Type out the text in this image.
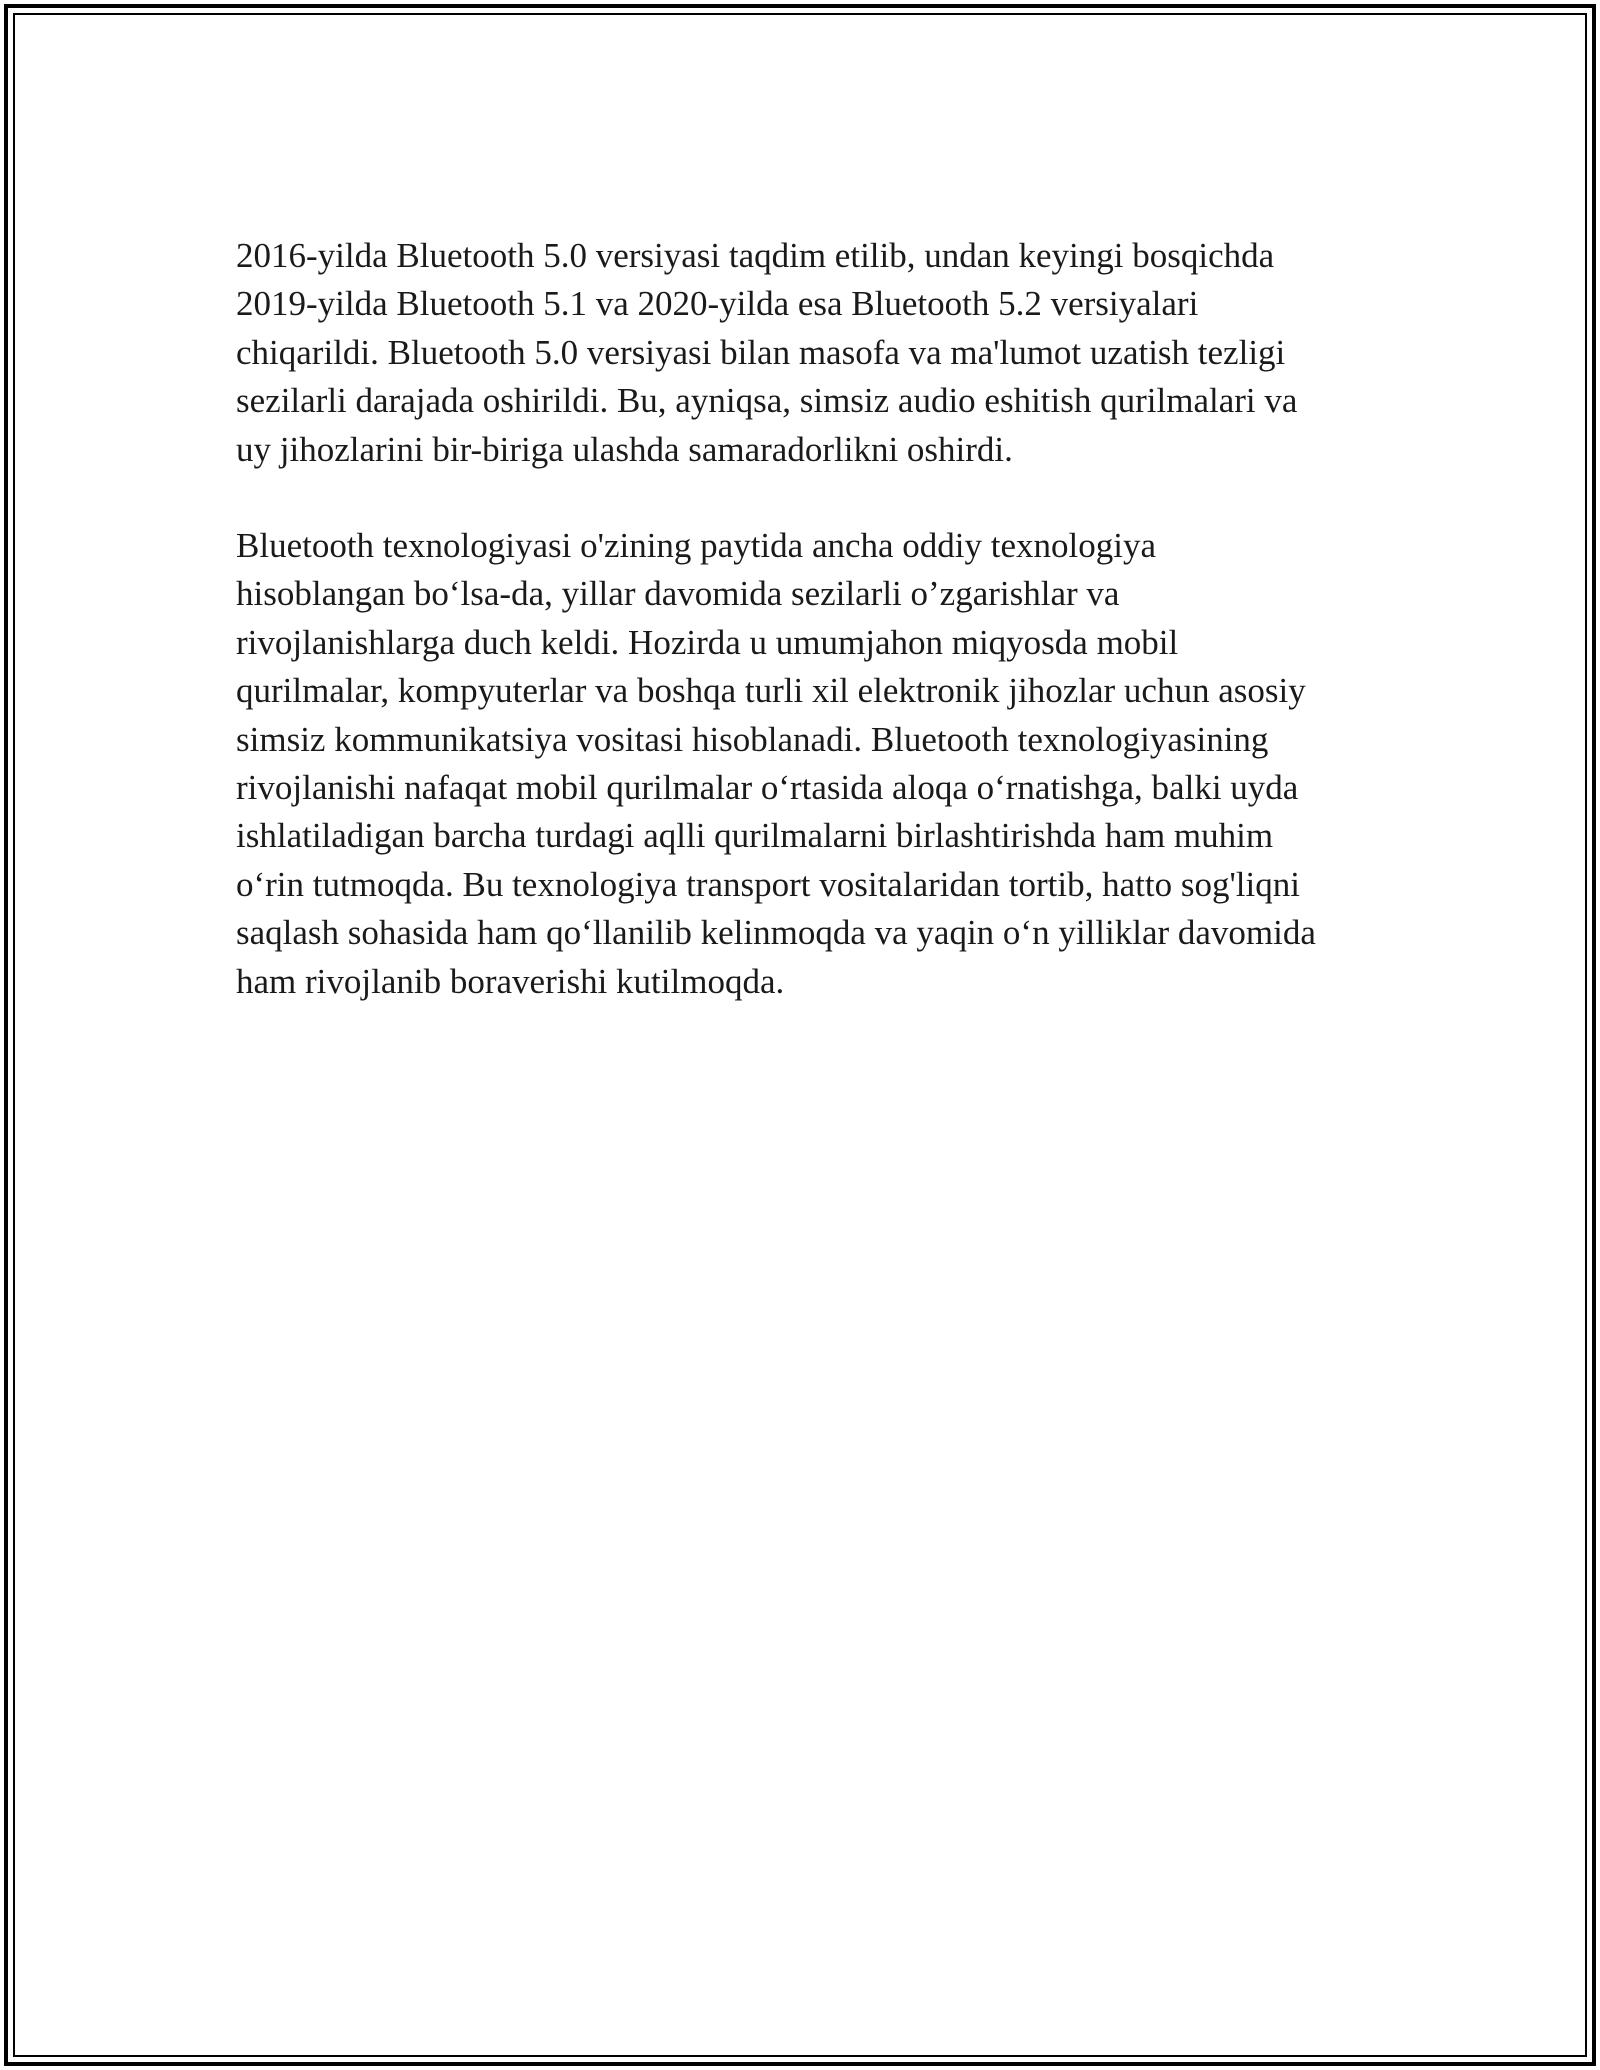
2016-yilda Bluetooth 5.0 versiyasi taqdim etilib, undan keyingi bosqichda
2019-yilda Bluetooth 5.1 va 2020-yilda esa Bluetooth 5.2 versiyalari
chiqarildi. Bluetooth 5.0 versiyasi bilan masofa va ma'lumot uzatish tezligi
sezilarli darajada oshirildi. Bu, ayniqsa, simsiz audio eshitish qurilmalari va
uy jihozlarini bir-biriga ulashda samaradorlikni oshirdi.

Bluetooth texnologiyasi o'zining paytida ancha oddiy texnologiya
hisoblangan bo‘lsa-da, yillar davomida sezilarli o’zgarishlar va
rivojlanishlarga duch keldi. Hozirda u umumjahon miqyosda mobil
qurilmalar, kompyuterlar va boshqa turli xil elektronik jihozlar uchun asosiy
simsiz kommunikatsiya vositasi hisoblanadi. Bluetooth texnologiyasining
rivojlanishi nafaqat mobil qurilmalar o‘rtasida aloqa o‘rnatishga, balki uyda
ishlatiladigan barcha turdagi aqlli qurilmalarni birlashtirishda ham muhim
o‘rin tutmoqda. Bu texnologiya transport vositalaridan tortib, hatto sog'liqni
saqlash sohasida ham qo‘llanilib kelinmoqda va yaqin o‘n yilliklar davomida
ham rivojlanib boraverishi kutilmoqda.
